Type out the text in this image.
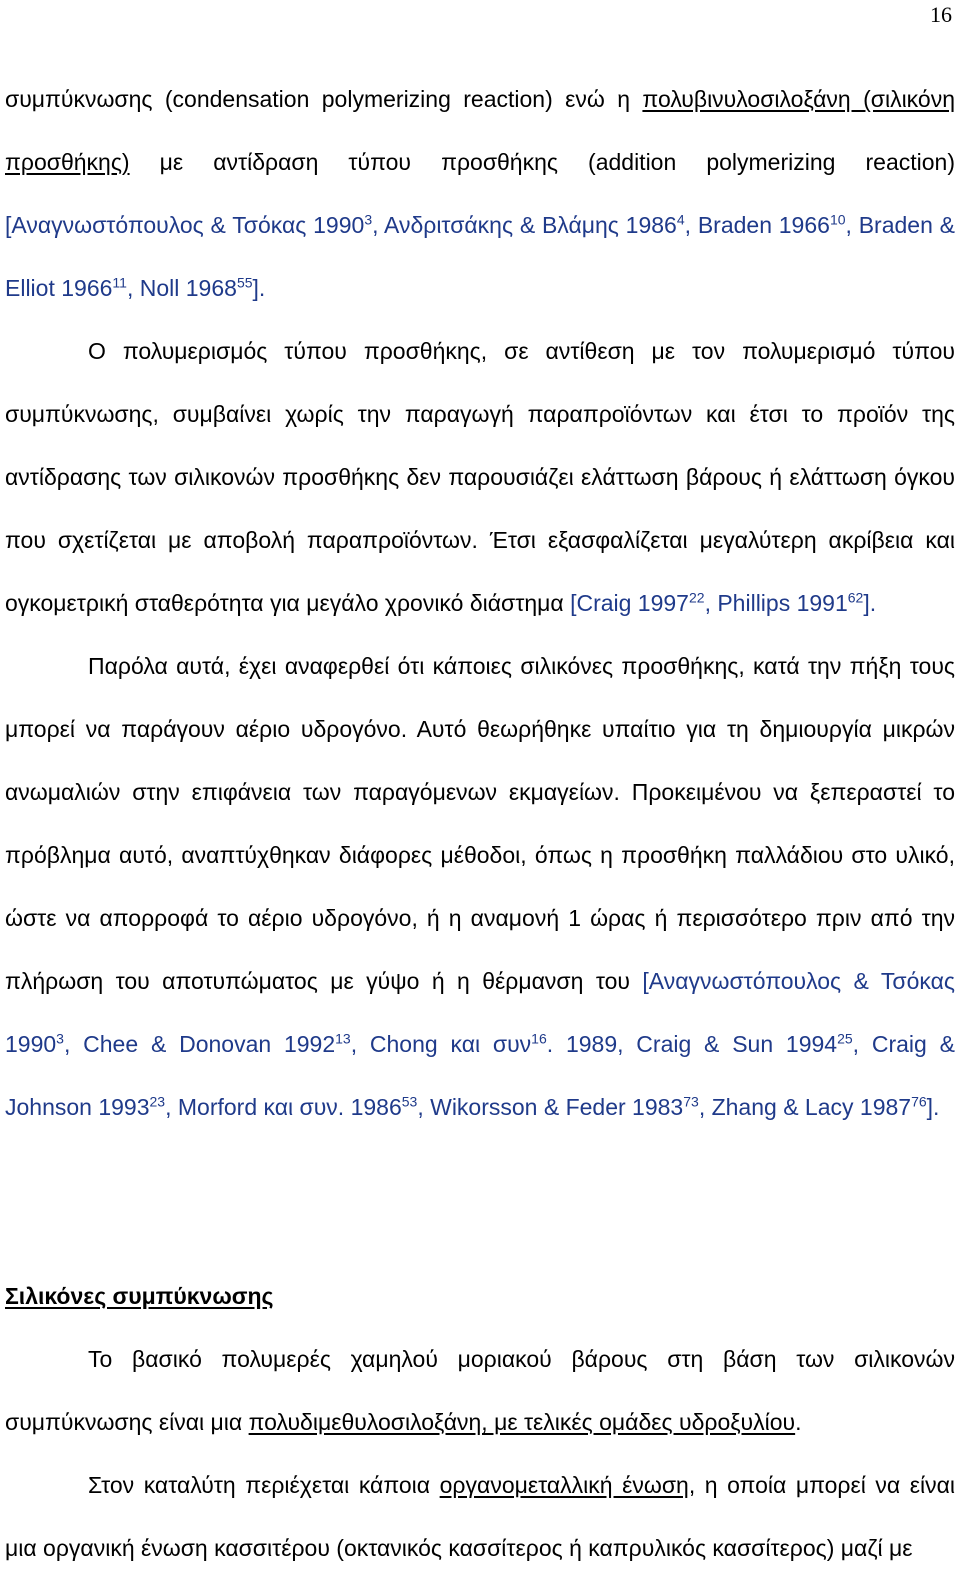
16

συμπύκνωσης (condensation polymerizing reaction) ενώ η πολυβινυλοσιλοξάνη (σιλικόνη προσθήκης) με αντίδραση τύπου προσθήκης (addition polymerizing reaction) [Αναγνωστόπουλος & Τσόκας 1990$^3$, Ανδριτσάκης & Βλάμης 1986$^4$, Braden 1966$^{10}$, Braden & Elliot 1966$^{11}$, Noll 1968$^{55}$].

Ο πολυμερισμός τύπου προσθήκης, σε αντίθεση με τον πολυμερισμό τύπου συμπύκνωσης, συμβαίνει χωρίς την παραγωγή παραπροϊόντων και έτσι το προϊόν της αντίδρασης των σιλικονών προσθήκης δεν παρουσιάζει ελάττωση βάρους ή ελάττωση όγκου που σχετίζεται με αποβολή παραπροϊόντων. Έτσι εξασφαλίζεται μεγαλύτερη ακρίβεια και ογκομετρική σταθερότητα για μεγάλο χρονικό διάστημα [Craig 1997$^{22}$, Phillips 1991$^{62}$].

Παρόλα αυτά, έχει αναφερθεί ότι κάποιες σιλικόνες προσθήκης, κατά την πήξη τους μπορεί να παράγουν αέριο υδρογόνο. Αυτό θεωρήθηκε υπαίτιο για τη δημιουργία μικρών ανωμαλιών στην επιφάνεια των παραγόμενων εκμαγείων. Προκειμένου να ξεπεραστεί το πρόβλημα αυτό, αναπτύχθηκαν διάφορες μέθοδοι, όπως η προσθήκη παλλάδιου στο υλικό, ώστε να απορροφά το αέριο υδρογόνο, ή η αναμονή 1 ώρας ή περισσότερο πριν από την πλήρωση του αποτυπώματος με γύψο ή η θέρμανση του [Αναγνωστόπουλος & Τσόκας 1990$^3$, Chee & Donovan 1992$^{13}$, Chong και συν$^{16}$. 1989, Craig & Sun 1994$^{25}$, Craig & Johnson 1993$^{23}$, Morford και συν. 1986$^{53}$, Wikorsson & Feder 1983$^{73}$, Zhang & Lacy 1987$^{76}$].

Σιλικόνες συμπύκνωσης

Το βασικό πολυμερές χαμηλού μοριακού βάρους στη βάση των σιλικονών συμπύκνωσης είναι μια πολυδιμεθυλοσιλοξάνη, με τελικές ομάδες υδροξυλίου.

Στον καταλύτη περιέχεται κάποια οργανομεταλλική ένωση, η οποία μπορεί να είναι μια οργανική ένωση κασσιτέρου (οκτανικός κασσίτερος ή καπρυλικός κασσίτερος) μαζί με
